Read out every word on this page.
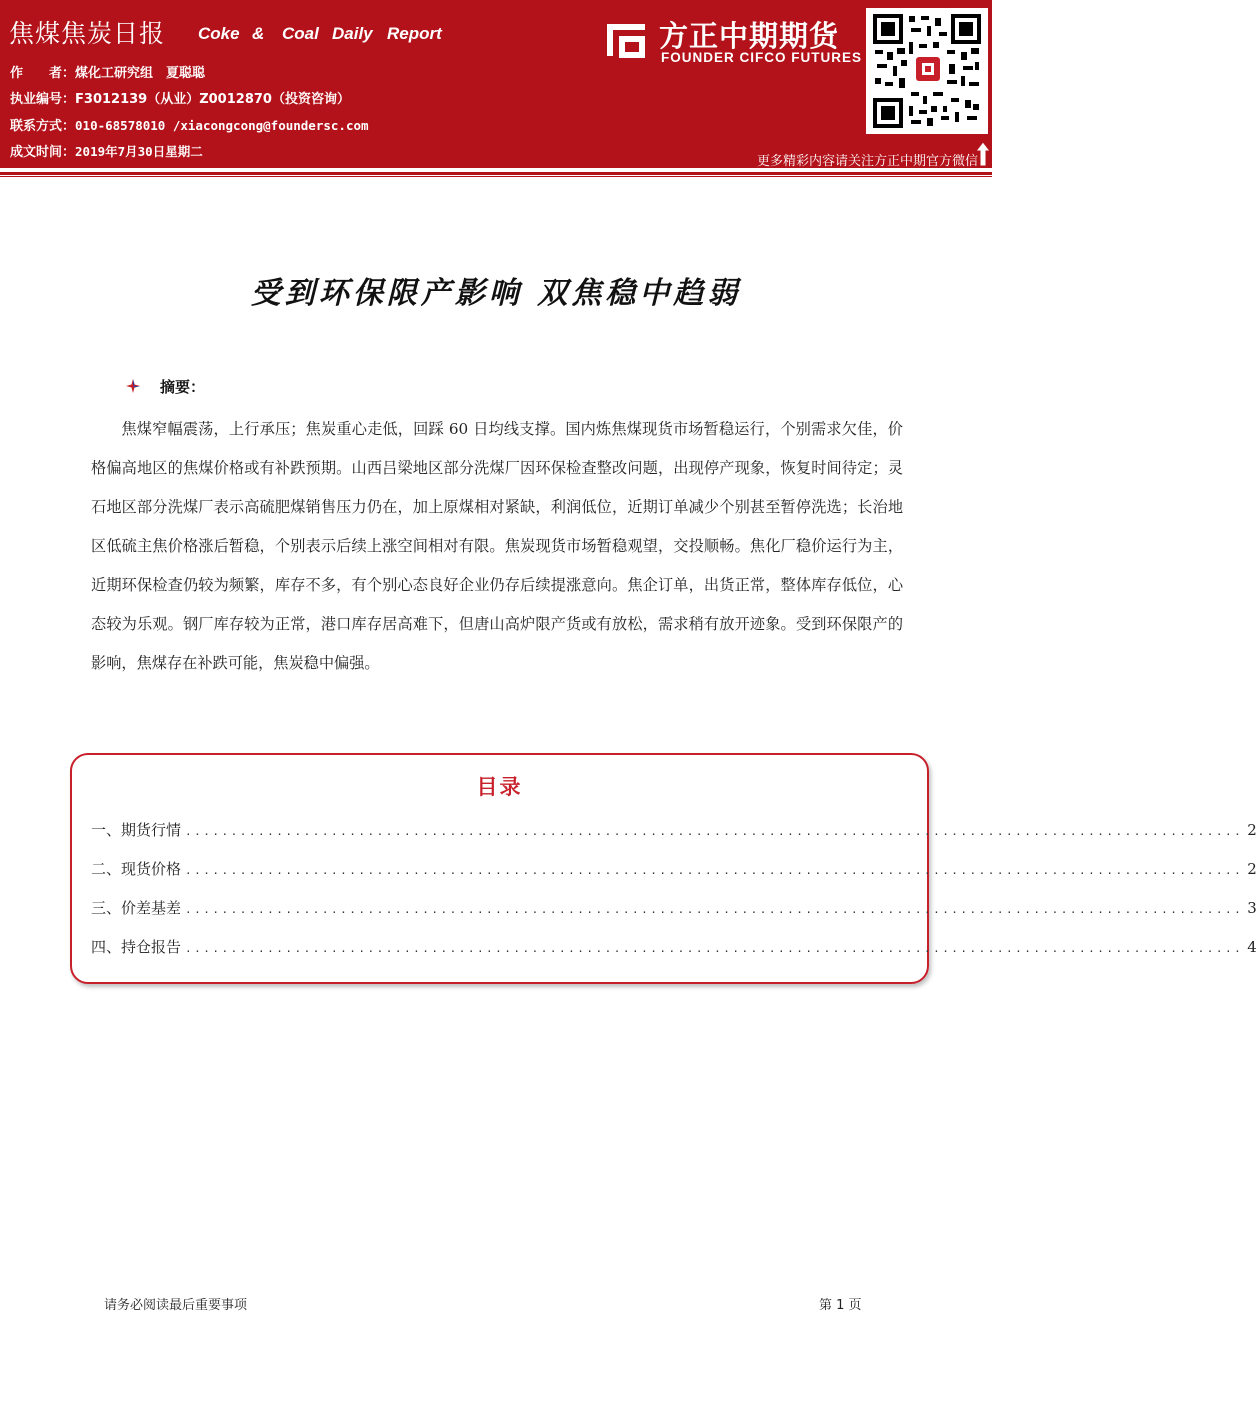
焦煤焦炭日报 Coke & Coal Daily Report
作　　者：煤化工研究组　夏聪聪
执业编号：F3012139（从业）Z0012870（投资咨询）
联系方式：010-68578010 /xiacongcong@foundersc.com
成文时间：2019年7月30日星期二
方正中期期货
FOUNDER CIFCO FUTURES
更多精彩内容请关注方正中期官方微信
受到环保限产影响 双焦稳中趋弱
摘要：
焦煤窄幅震荡，上行承压；焦炭重心走低，回踩 60 日均线支撑。国内炼焦煤现货市场暂稳运行，个别需求欠佳，价格偏高地区的焦煤价格或有补跌预期。山西吕梁地区部分洗煤厂因环保检查整改问题，出现停产现象，恢复时间待定；灵石地区部分洗煤厂表示高硫肥煤销售压力仍在，加上原煤相对紧缺，利润低位，近期订单减少个别甚至暂停洗选；长治地区低硫主焦价格涨后暂稳，个别表示后续上涨空间相对有限。焦炭现货市场暂稳观望，交投顺畅。焦化厂稳价运行为主，近期环保检查仍较为频繁，库存不多，有个别心态良好企业仍存后续提涨意向。焦企订单，出货正常，整体库存低位，心态较为乐观。钢厂库存较为正常，港口库存居高难下，但唐山高炉限产货或有放松，需求稍有放开迹象。受到环保限产的影响，焦煤存在补跌可能，焦炭稳中偏强。
目录
一、期货行情 .................................................................................................................... 2
二、现货价格 .................................................................................................................... 2
三、价差基差 .................................................................................................................... 3
四、持仓报告 .................................................................................................................... 4
请务必阅读最后重要事项	第 1 页
